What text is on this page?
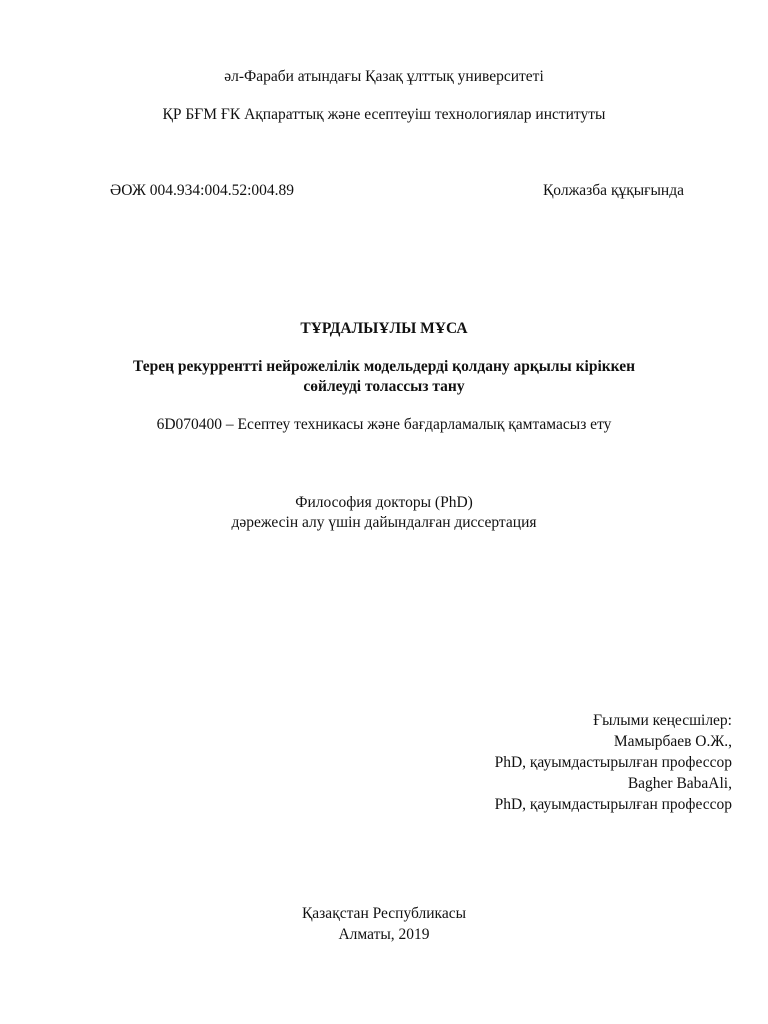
әл-Фараби атындағы Қазақ ұлттық университеті
ҚР БҒМ ҒК Ақпараттық және есептеуіш технологиялар институты
ӘОЖ 004.934:004.52:004.89	Қолжазба құқығында
ТҰРДАЛЫҰЛЫ МҰСА
Терең рекуррентті нейрожелілік модельдерді қолдану арқылы кіріккен
сөйлеуді толассыз тану
6D070400 – Есептеу техникасы және бағдарламалық қамтамасыз ету
Философия докторы (PhD)
дәрежесін алу үшін дайындалған диссертация
Ғылыми кеңесшілер:
Мамырбаев О.Ж.,
PhD, қауымдастырылған профессор
Bagher BabaAli,
PhD, қауымдастырылған профессор
Қазақстан Республикасы
Алматы, 2019
